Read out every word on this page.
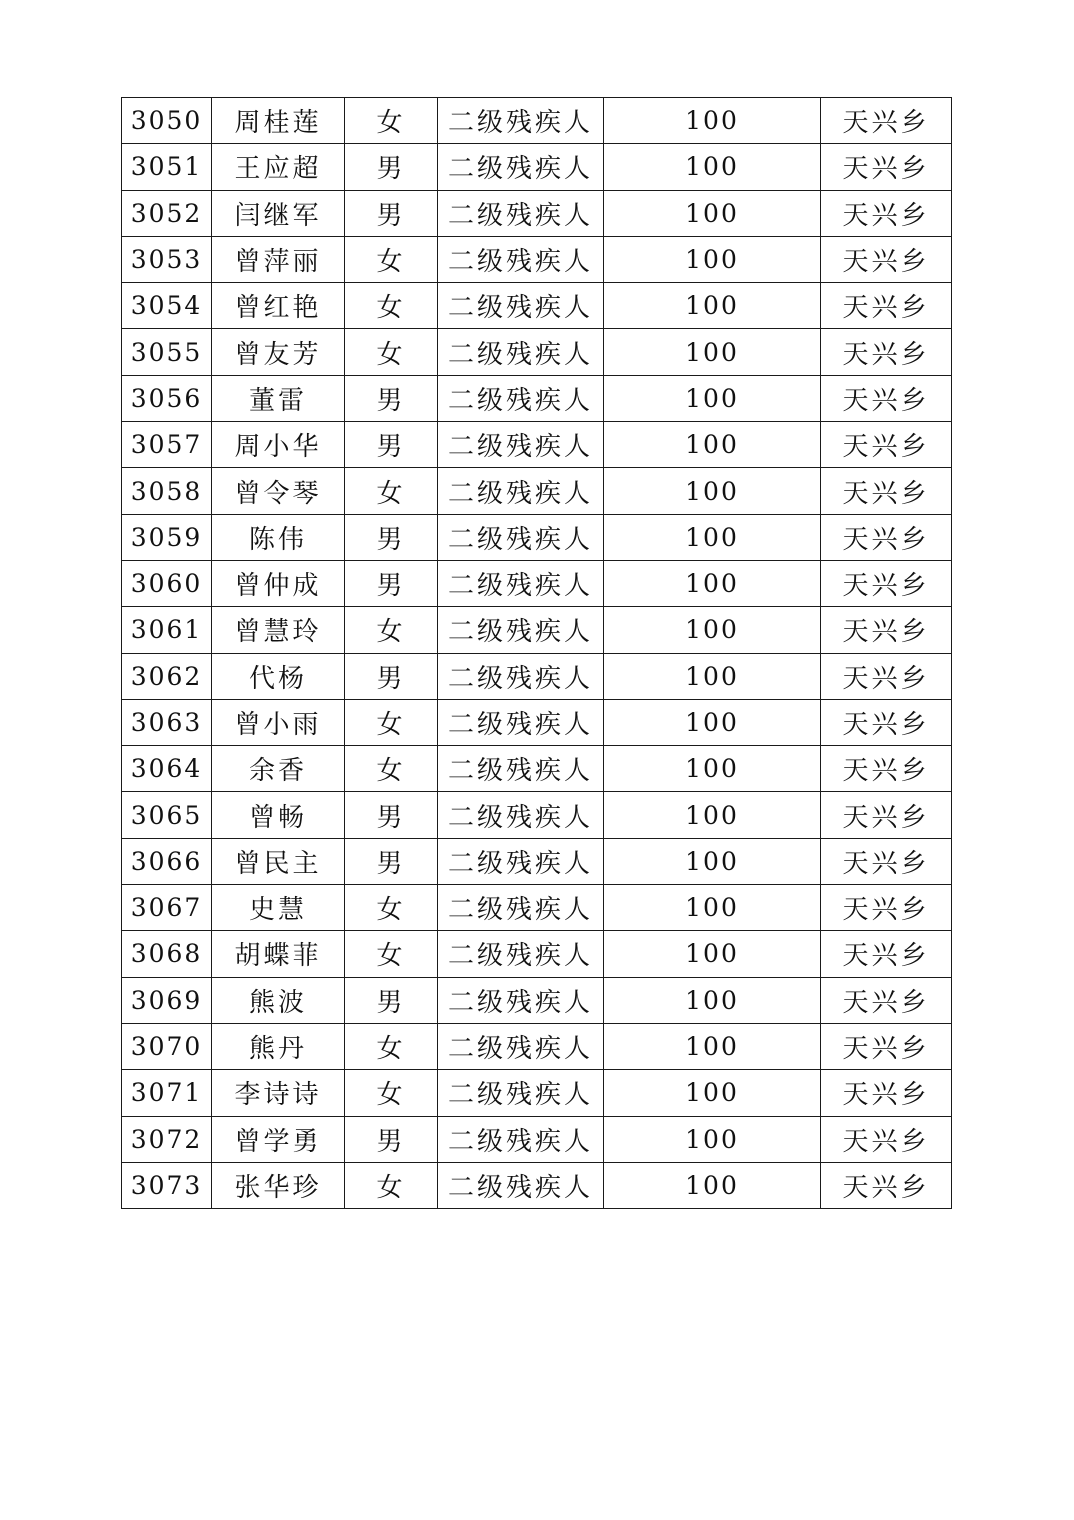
3050	周桂莲	女	二级残疾人	100	天兴乡
3051	王应超	男	二级残疾人	100	天兴乡
3052	闫继军	男	二级残疾人	100	天兴乡
3053	曾萍丽	女	二级残疾人	100	天兴乡
3054	曾红艳	女	二级残疾人	100	天兴乡
3055	曾友芳	女	二级残疾人	100	天兴乡
3056	董雷	男	二级残疾人	100	天兴乡
3057	周小华	男	二级残疾人	100	天兴乡
3058	曾令琴	女	二级残疾人	100	天兴乡
3059	陈伟	男	二级残疾人	100	天兴乡
3060	曾仲成	男	二级残疾人	100	天兴乡
3061	曾慧玲	女	二级残疾人	100	天兴乡
3062	代杨	男	二级残疾人	100	天兴乡
3063	曾小雨	女	二级残疾人	100	天兴乡
3064	余香	女	二级残疾人	100	天兴乡
3065	曾畅	男	二级残疾人	100	天兴乡
3066	曾民主	男	二级残疾人	100	天兴乡
3067	史慧	女	二级残疾人	100	天兴乡
3068	胡蝶菲	女	二级残疾人	100	天兴乡
3069	熊波	男	二级残疾人	100	天兴乡
3070	熊丹	女	二级残疾人	100	天兴乡
3071	李诗诗	女	二级残疾人	100	天兴乡
3072	曾学勇	男	二级残疾人	100	天兴乡
3073	张华珍	女	二级残疾人	100	天兴乡
